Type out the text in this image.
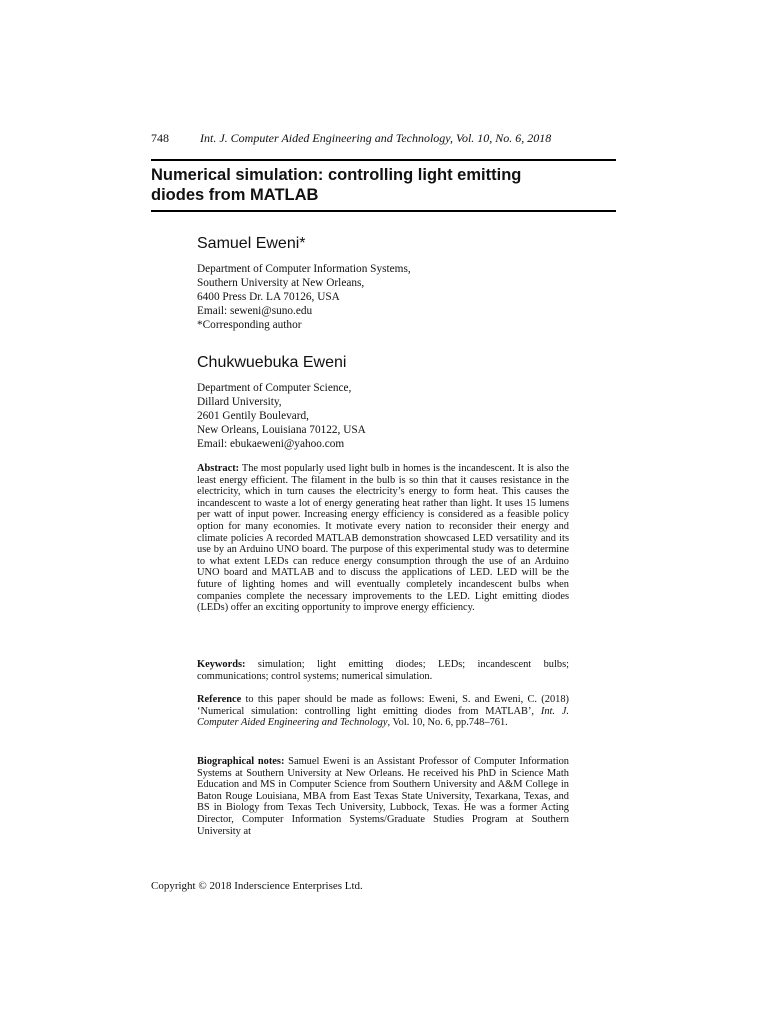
748	Int. J. Computer Aided Engineering and Technology, Vol. 10, No. 6, 2018
Numerical simulation: controlling light emitting
diodes from MATLAB
Samuel Eweni*
Department of Computer Information Systems,
Southern University at New Orleans,
6400 Press Dr. LA 70126, USA
Email: seweni@suno.edu
*Corresponding author
Chukwuebuka Eweni
Department of Computer Science,
Dillard University,
2601 Gentily Boulevard,
New Orleans, Louisiana 70122, USA
Email: ebukaeweni@yahoo.com
Abstract: The most popularly used light bulb in homes is the incandescent. It is also the least energy efficient. The filament in the bulb is so thin that it causes resistance in the electricity, which in turn causes the electricity’s energy to form heat. This causes the incandescent to waste a lot of energy generating heat rather than light. It uses 15 lumens per watt of input power. Increasing energy efficiency is considered as a feasible policy option for many economies. It motivate every nation to reconsider their energy and climate policies A recorded MATLAB demonstration showcased LED versatility and its use by an Arduino UNO board. The purpose of this experimental study was to determine to what extent LEDs can reduce energy consumption through the use of an Arduino UNO board and MATLAB and to discuss the applications of LED. LED will be the future of lighting homes and will eventually completely incandescent bulbs when companies complete the necessary improvements to the LED. Light emitting diodes (LEDs) offer an exciting opportunity to improve energy efficiency.
Keywords: simulation; light emitting diodes; LEDs; incandescent bulbs; communications; control systems; numerical simulation.
Reference to this paper should be made as follows: Eweni, S. and Eweni, C. (2018) ‘Numerical simulation: controlling light emitting diodes from MATLAB’, Int. J. Computer Aided Engineering and Technology, Vol. 10, No. 6, pp.748–761.
Biographical notes: Samuel Eweni is an Assistant Professor of Computer Information Systems at Southern University at New Orleans. He received his PhD in Science Math Education and MS in Computer Science from Southern University and A&M College in Baton Rouge Louisiana, MBA from East Texas State University, Texarkana, Texas, and BS in Biology from Texas Tech University, Lubbock, Texas. He was a former Acting Director, Computer Information Systems/Graduate Studies Program at Southern University at
Copyright © 2018 Inderscience Enterprises Ltd.
